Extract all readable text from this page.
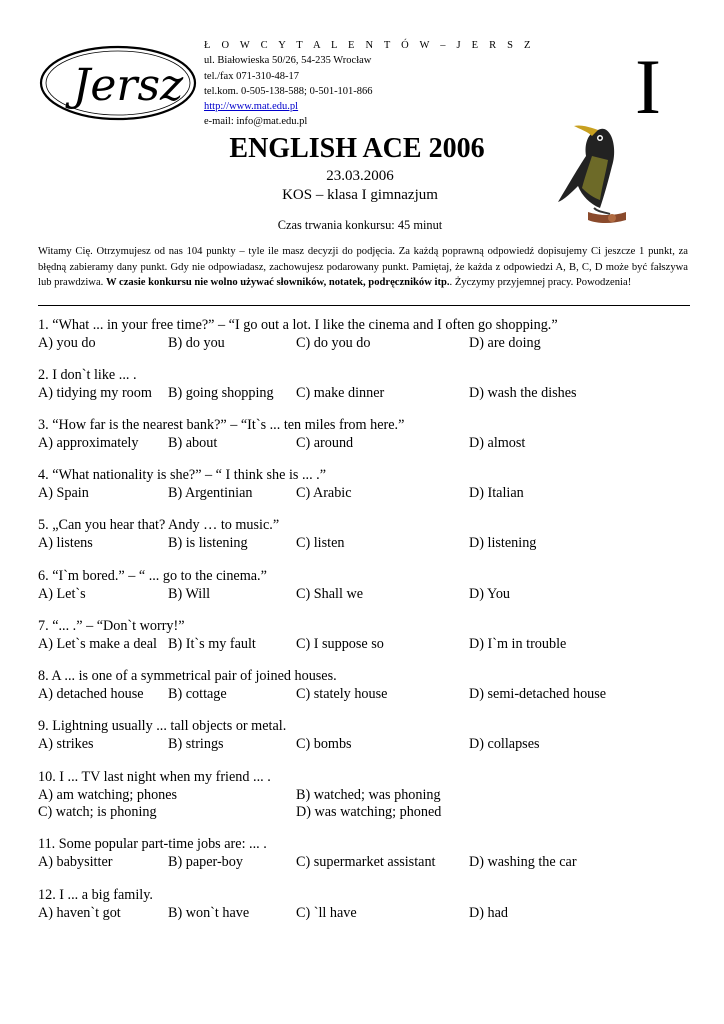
Jersz
Ł O W C Y T A L E N T Ó W – J E R S Z
ul. Białowieska 50/26, 54-235 Wrocław
tel./fax 071-310-48-17
tel.kom. 0-505-138-588; 0-501-101-866
http://www.mat.edu.pl
e-mail: info@mat.edu.pl	I
ENGLISH ACE 2006
23.03.2006
KOS – klasa I gimnazjum
Czas trwania konkursu: 45 minut
Witamy Cię. Otrzymujesz od nas 104 punkty – tyle ile masz decyzji do podjęcia. Za każdą poprawną odpowiedź dopisujemy Ci jeszcze 1 punkt, za błędną zabieramy dany punkt. Gdy nie odpowiadasz, zachowujesz podarowany punkt. Pamiętaj, że każda z odpowiedzi A, B, C, D może być fałszywa lub prawdziwa. W czasie konkursu nie wolno używać słowników, notatek, podręczników itp.. Życzymy przyjemnej pracy. Powodzenia!
1. “What ... in your free time?” – “I go out a lot. I like the cinema and I often go shopping.”
A) you do	B) do you	C) do you do	D) are doing
2. I don`t like ... .
A) tidying my room B) going shopping C) make dinner	D) wash the dishes
3. “How far is the nearest bank?” – “It`s ... ten miles from here.”
A) approximately B) about	C) around	D) almost
4. “What nationality is she?” – “ I think she is ... .”
A) Spain	B) Argentinian	C) Arabic	D) Italian
5. „Can you hear that? Andy … to music.”
A) listens	B) is listening	C) listen	D) listening
6. “I`m bored.” – “ ... go to the cinema.”
A) Let`s	B) Will	C) Shall we	D) You
7. “... .” – “Don`t worry!”
A) Let`s make a deal B) It`s my fault	C) I suppose so	D) I`m in trouble
8. A ... is one of a symmetrical pair of joined houses.
A) detached house B) cottage	C) stately house	D) semi-detached house
9. Lightning usually ... tall objects or metal.
A) strikes	B) strings	C) bombs	D) collapses
10. I ... TV last night when my friend ... .
A) am watching; phones	B) watched; was phoning
C) watch; is phoning	D) was watching; phoned
11. Some popular part-time jobs are: ... .
A) babysitter	B) paper-boy	C) supermarket assistant D) washing the car
12. I ... a big family.
A) haven`t got	B) won`t have	C) `ll have	D) had
